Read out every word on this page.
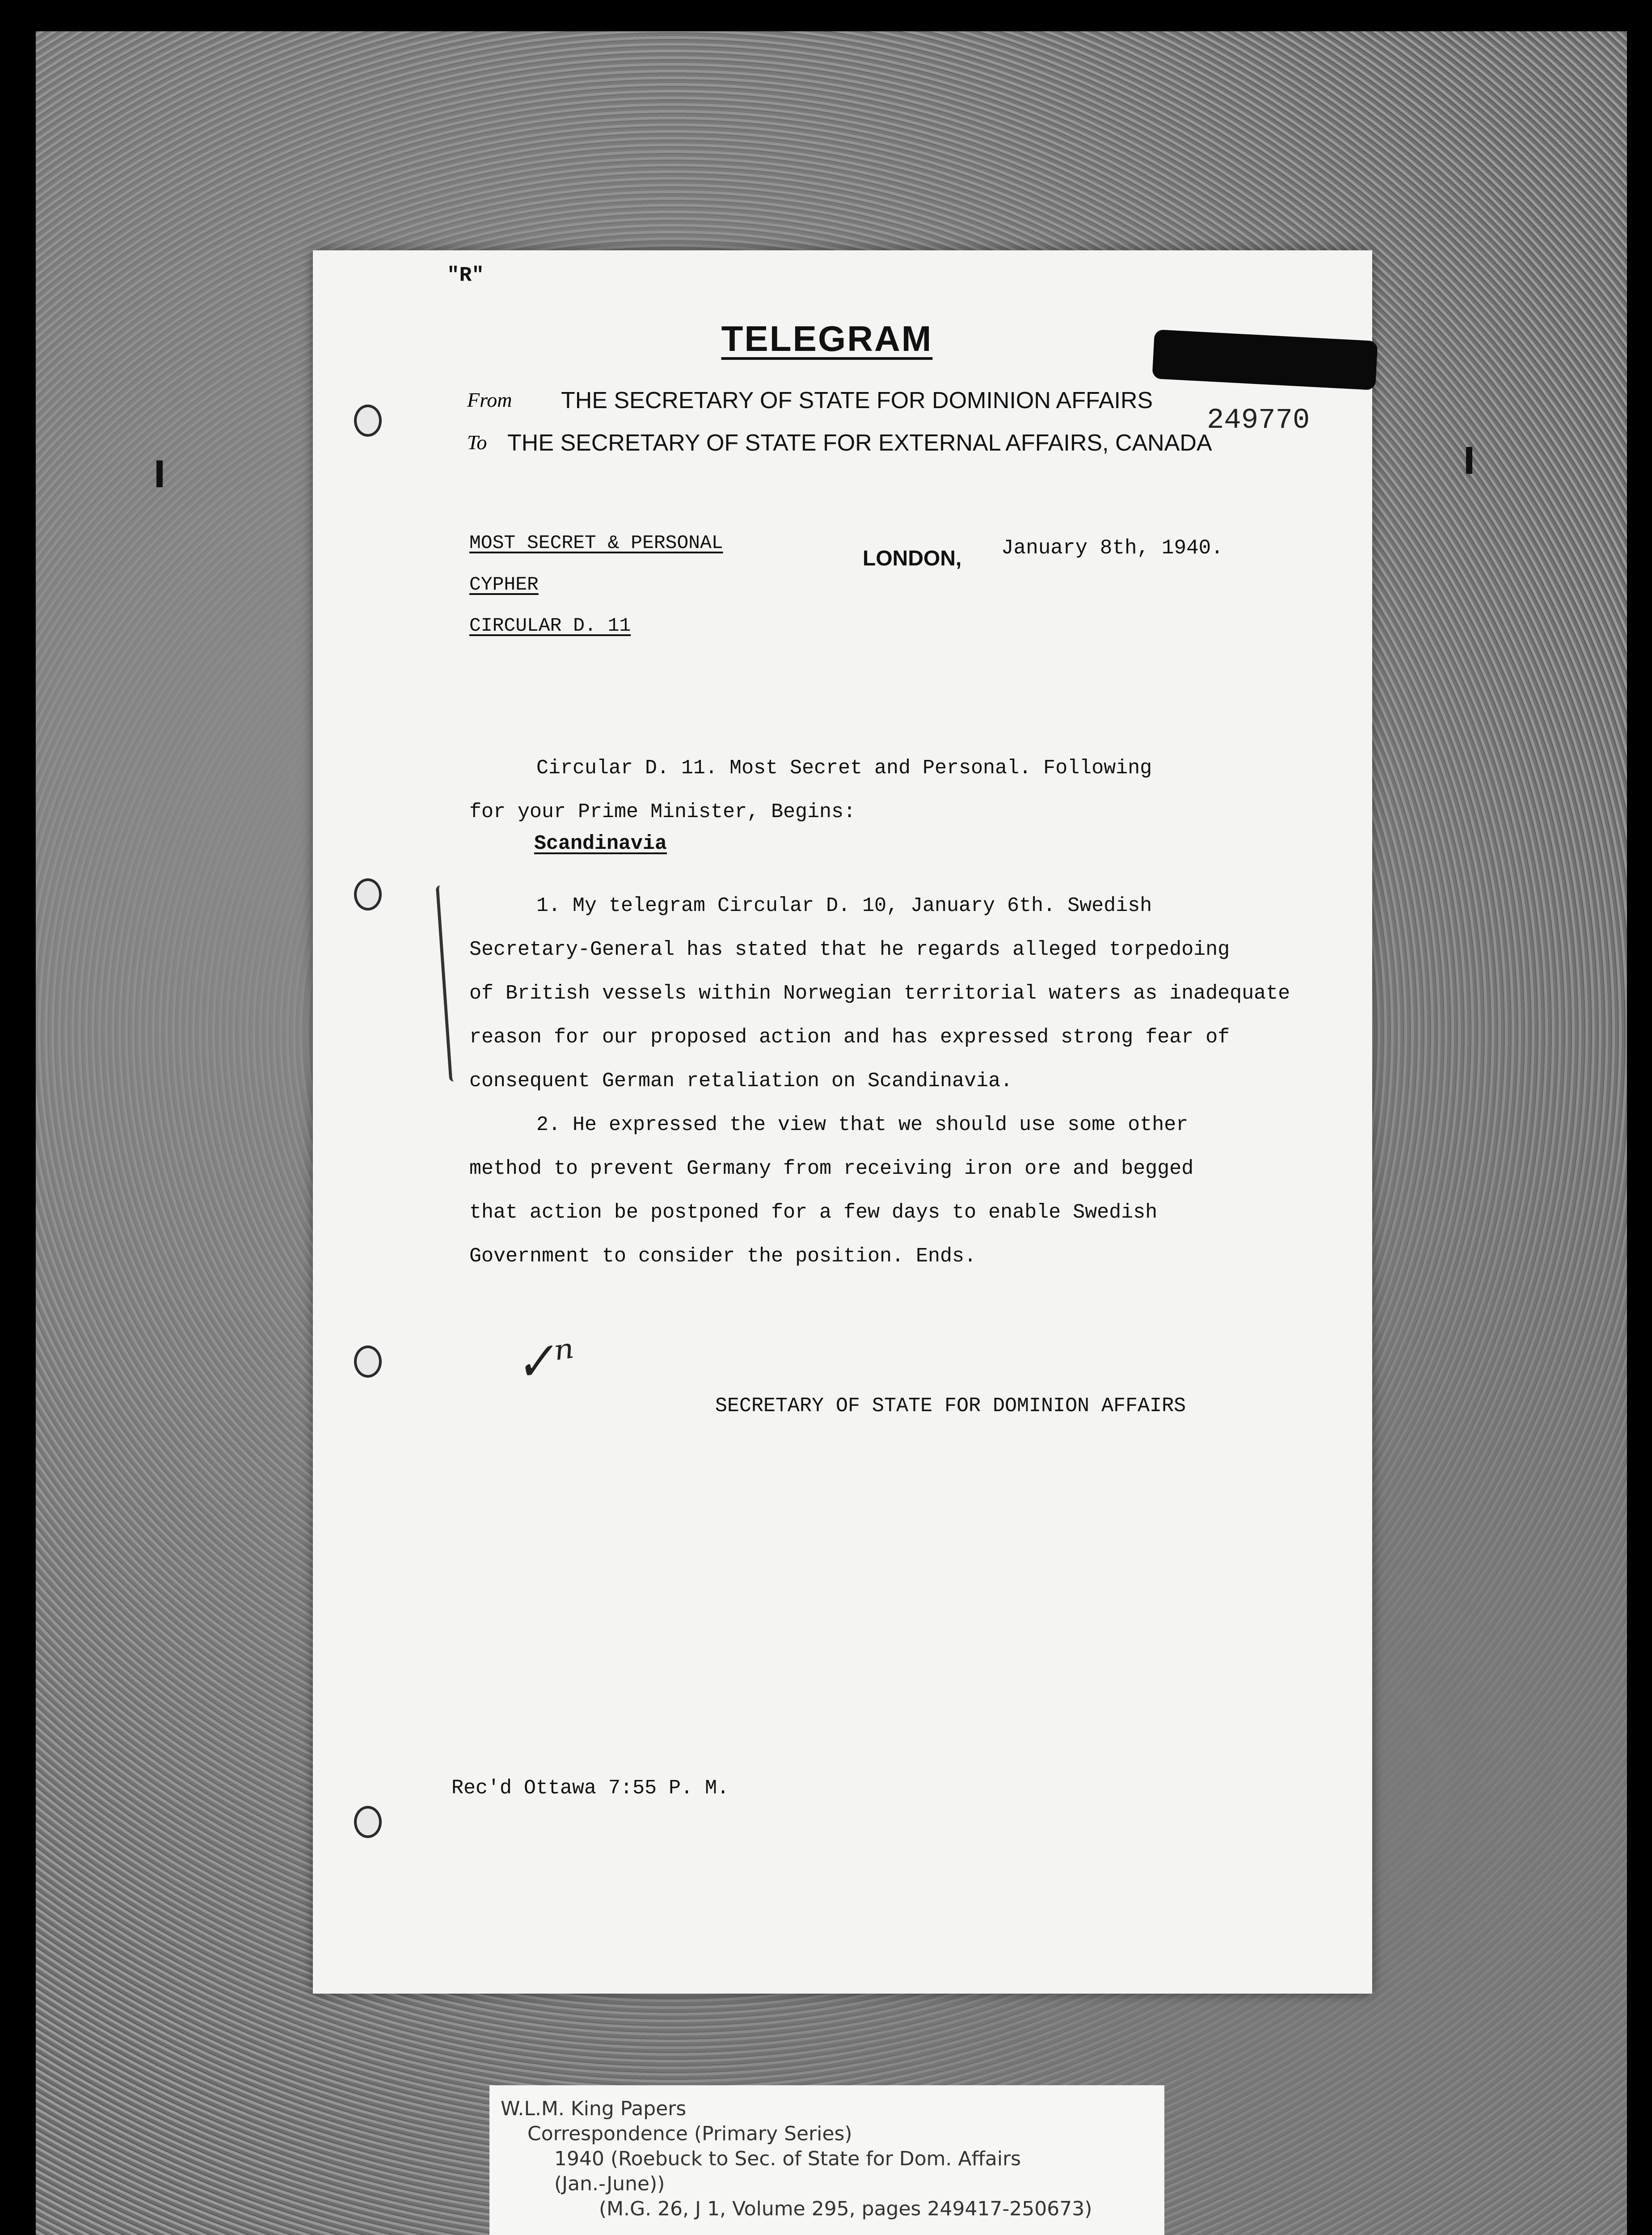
"R"
TELEGRAM
From THE SECRETARY OF STATE FOR DOMINION AFFAIRS
To THE SECRETARY OF STATE FOR EXTERNAL AFFAIRS, CANADA
249770
MOST SECRET & PERSONAL
CYPHER
CIRCULAR D. 11
LONDON, January 8th, 1940.
Circular D. 11. Most Secret and Personal. Following
for your Prime Minister, Begins:
Scandinavia
1. My telegram Circular D. 10, January 6th. Swedish
Secretary-General has stated that he regards alleged torpedoing
of British vessels within Norwegian territorial waters as inadequate
reason for our proposed action and has expressed strong fear of
consequent German retaliation on Scandinavia.
2. He expressed the view that we should use some other
method to prevent Germany from receiving iron ore and begged
that action be postponed for a few days to enable Swedish
Government to consider the position. Ends.
✓ⁿ
SECRETARY OF STATE FOR DOMINION AFFAIRS
Rec'd Ottawa 7:55 P. M.
W.L.M. King Papers
Correspondence (Primary Series)
1940 (Roebuck to Sec. of State for Dom. Affairs
(Jan.-June))
(M.G. 26, J 1, Volume 295, pages 249417-250673)
